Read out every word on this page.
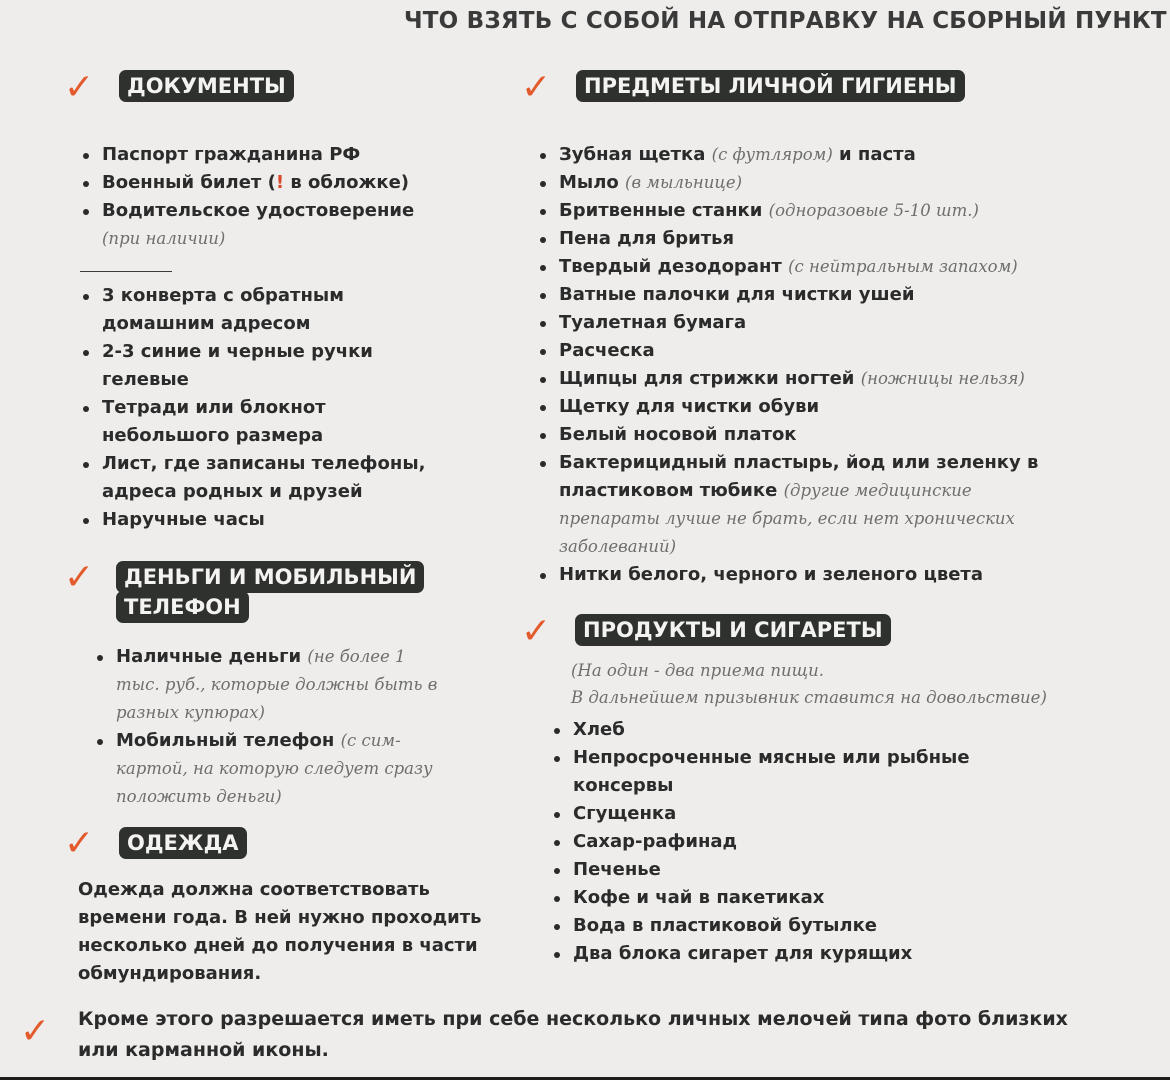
ЧТО ВЗЯТЬ С СОБОЙ НА ОТПРАВКУ НА СБОРНЫЙ ПУНКТ
✓	ДОКУМЕНТЫ
Паспорт гражданина РФ
Военный билет (! в обложке)
Водительское удостоверение
(при наличии)
3 конверта с обратным домашним адресом
2-3 синие и черные ручки гелевые
Тетради или блокнот небольшого размера
Лист, где записаны телефоны, адреса родных и друзей
Наручные часы
✓	ДЕНЬГИ И МОБИЛЬНЫЙ
ТЕЛЕФОН
Наличные деньги (не более 1 тыс. руб., которые должны быть в разных купюрах)
Мобильный телефон (с сим-картой, на которую следует сразу положить деньги)
✓	ОДЕЖДА
Одежда должна соответствовать времени года. В ней нужно проходить несколько дней до получения в части обмундирования.
✓	ПРЕДМЕТЫ ЛИЧНОЙ ГИГИЕНЫ
Зубная щетка (с футляром) и паста
Мыло (в мыльнице)
Бритвенные станки (одноразовые 5-10 шт.)
Пена для бритья
Твердый дезодорант (с нейтральным запахом)
Ватные палочки для чистки ушей
Туалетная бумага
Расческа
Щипцы для стрижки ногтей (ножницы нельзя)
Щетку для чистки обуви
Белый носовой платок
Бактерицидный пластырь, йод или зеленку в пластиковом тюбике (другие медицинские препараты лучше не брать, если нет хронических заболеваний)
Нитки белого, черного и зеленого цвета
✓	ПРОДУКТЫ И СИГАРЕТЫ
(На один - два приема пищи.
В дальнейшем призывник ставится на довольствие)
Хлеб
Непросроченные мясные или рыбные консервы
Сгущенка
Сахар-рафинад
Печенье
Кофе и чай в пакетиках
Вода в пластиковой бутылке
Два блока сигарет для курящих
✓ Кроме этого разрешается иметь при себе несколько личных мелочей типа фото близких или карманной иконы.
